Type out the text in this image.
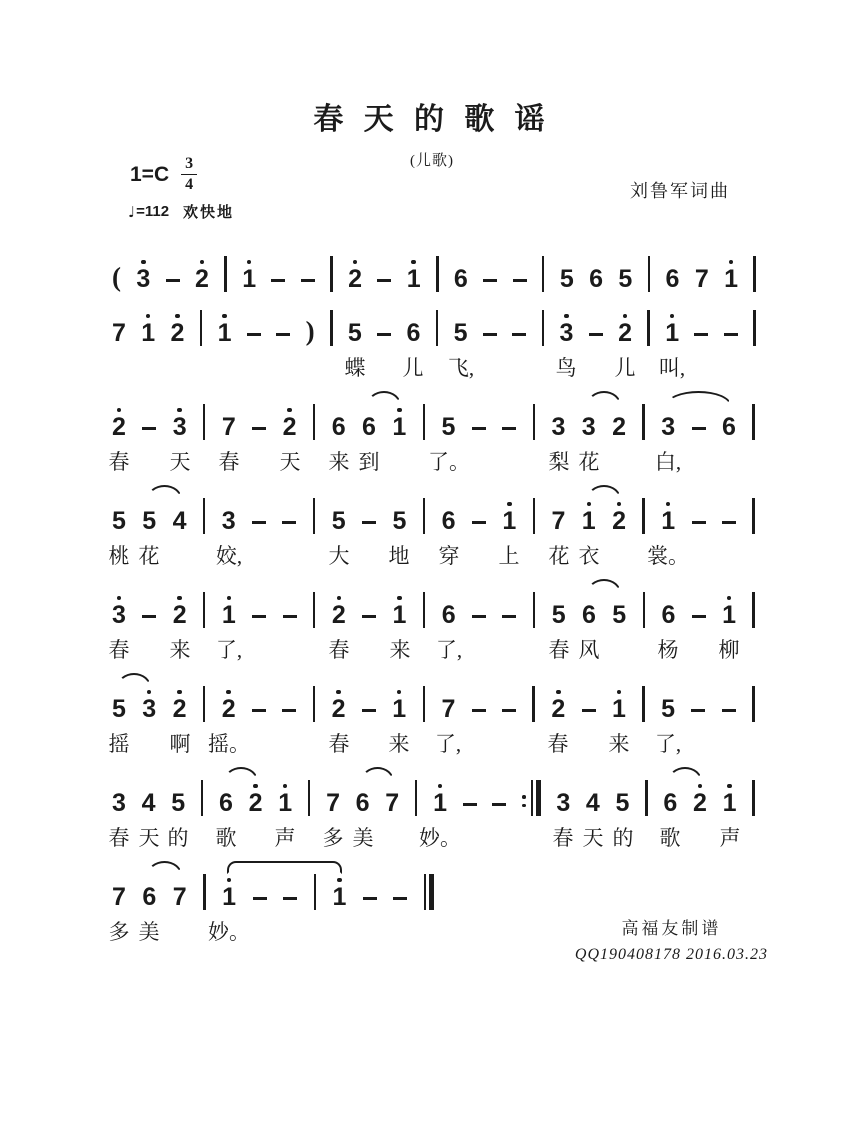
春 天 的 歌 谣
(儿歌)
$1=C \frac{3}{4}$	刘鲁军词曲
♩ =112 欢快地
( 3 2 1	2 1 6	5 6 5 6 7 1
7 1 2 1	) 5 6 5	3 2 1
蝶 儿 飞,	鸟 儿 叫,
2 3 7 2 6 6 1 5	3 3 2 3 6
春 天 春 天 来 到 了。	梨 花	白,
5 5 4 3	5 5 6 1 7 1 2 1
桃 花	姣,	大 地 穿 上 花 衣 裳。
3 2 1	2 1 6	5 6 5 6 1
春 来 了,	春 来 了,	春 风	杨 柳
5 3 2 2	2 1 7	2 1 5
摇 啊 摇。	春 来 了,	春 来 了,
3 4 5 6 2 1 7 6 7 1	3 4 5 6 2 1
春 天 的 歌 声 多 美 妙。	春 天 的 歌 声
7 6 7 1	1
多 美 妙。	高福友制谱
QQ190408178 2016.03.23
